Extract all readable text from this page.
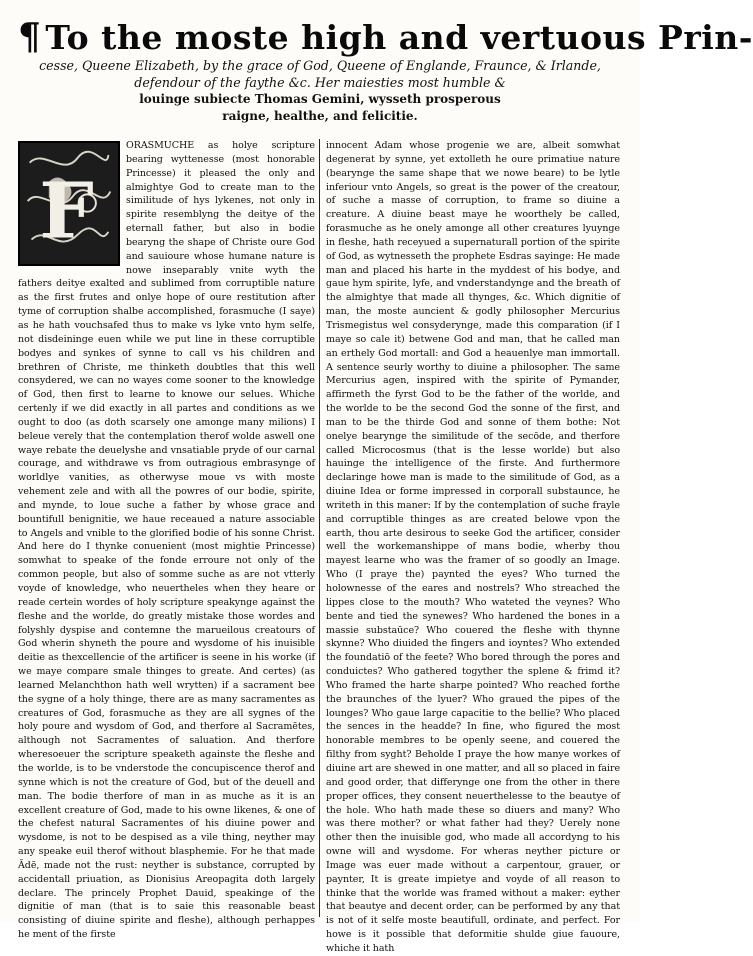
¶ To the moste high and vertuous Prin-
cesse, Queene Elizabeth, by the grace of God, Queene of Englande, Fraunce, & Irlande,
defendour of the faythe &c. Her maiesties most humble &
louinge subiecte Thomas Gemini, wysseth prosperous
raigne, healthe, and felicitie.
F

ORASMUCHE as holye scripture bearing wyttenesse (most honorable Princesse) it pleased the only and almightye God to create man to the similitude of hys lykenes, not only in spirite resemblyng the deitye of the eternall father, but also in bodie bearyng the shape of Christe oure God and sauioure whose humane nature is nowe inseparably vnite wyth the fathers deitye exalted and sublimed from corruptible nature as the first frutes and onlye hope of oure restitution after tyme of corruption shalbe accomplished, forasmuche (I saye) as he hath vouchsafed thus to make vs lyke vnto hym selfe, not disdeininge euen while we put line in these corruptible bodyes and synkes of synne to call vs his children and brethren of Christe, me thinketh doubtles that this well consydered, we can no wayes come sooner to the knowledge of God, then first to learne to knowe our selues. Whiche certenly if we did exactly in all partes and conditions as we ought to doo (as doth scarsely one amonge many milions) I beleue verely that the contemplation therof wolde aswell one waye rebate the deuelyshe and vnsatiable pryde of our carnal courage, and withdrawe vs from outragious embrasynge of worldlye vanities, as otherwyse moue vs with moste vehement zele and with all the powres of our bodie, spirite, and mynde, to loue suche a father by whose grace and bountifull benignitie, we haue receaued a nature associable to Angels and vnible to the glorified bodie of his sonne Christ. And here do I thynke conuenient (most mightie Princesse) somwhat to speake of the fonde erroure not only of the common people, but also of somme suche as are not vtterly voyde of knowledge, who neuertheles when they heare or reade certein wordes of holy scripture speakynge against the fleshe and the worlde, do greatly mistake those wordes and folyshly dyspise and contemne the marueilous creatours of God wherin shyneth the poure and wysdome of his inuisible deitie as thexcellencie of the artificer is seene in his worke (if we maye compare smale thinges to greate. And certes) (as learned Melanchthon hath well wrytten) if a sacrament bee the sygne of a holy thinge, there are as many sacramentes as creatures of God, forasmuche as they are all sygnes of the holy poure and wysdom of God, and therfore al Sacramētes, although not Sacramentes of saluation. And therfore wheresoeuer the scripture speaketh againste the fleshe and the worlde, is to be vnderstode the concupiscence therof and synne which is not the creature of God, but of the deuell and man. The bodie therfore of man in as muche as it is an excellent creature of God, made to his owne likenes, & one of the chefest natural Sacramentes of his diuine power and wysdome, is not to be despised as a vile thing, neyther may any speake euil therof without blasphemie. For he that made Ādē, made not the rust: neyther is substance, corrupted by accidentall priuation, as Dionisius Areopagita doth largely declare. The princely Prophet Dauid, speakinge of the dignitie of man (that is to saie this reasonable beast consisting of diuine spirite and fleshe), although perhappes he ment of the firste

innocent Adam whose progenie we are, albeit somwhat degenerat by synne, yet extolleth he oure primatiue nature (bearynge the same shape that we nowe beare) to be lytle inferiour vnto Angels, so great is the power of the creatour, of suche a masse of corruption, to frame so diuine a creature. A diuine beast maye he woorthely be called, forasmuche as he onely amonge all other creatures lyuynge in fleshe, hath receyued a supernaturall portion of the spirite of God, as wytnesseth the prophete Esdras sayinge: He made man and placed his harte in the myddest of his bodye, and gaue hym spirite, lyfe, and vnderstandynge and the breath of the almightye that made all thynges, &c. Which dignitie of man, the moste auncient & godly philosopher Mercurius Trismegistus wel consyderynge, made this comparation (if I maye so cale it) betwene God and man, that he called man an erthely God mortall: and God a heauenlye man immortall. A sentence seurly worthy to diuine a philosopher. The same Mercurius agen, inspired with the spirite of Pymander, affirmeth the fyrst God to be the father of the worlde, and the worlde to be the second God the sonne of the first, and man to be the thirde God and sonne of them bothe: Not onelye bearynge the similitude of the secōde, and therfore called Microcosmus (that is the lesse worlde) but also hauinge the intelligence of the firste. And furthermore declaringe howe man is made to the similitude of God, as a diuine Idea or forme impressed in corporall substaunce, he writeth in this maner: If by the contemplation of suche frayle and corruptible thinges as are created belowe vpon the earth, thou arte desirous to seeke God the artificer, consider well the workemanshippe of mans bodie, wherby thou mayest learne who was the framer of so goodly an Image. Who (I praye the) paynted the eyes? Who turned the holownesse of the eares and nostrels? Who streached the lippes close to the mouth? Who wateted the veynes? Who bente and tied the synewes? Who hardened the bones in a massie substaūce? Who couered the fleshe with thynne skynne? Who diuided the fingers and ioyntes? Who extended the foundatiō of the feete? Who bored through the pores and conduictes? Who gathered togyther the splene & frimd it? Who framed the harte sharpe pointed? Who reached forthe the braunches of the lyuer? Who graued the pipes of the lounges? Who gaue large capacitie to the bellie? Who placed the sences in the headde? In fine, who figured the most honorable membres to be openly seene, and couered the filthy from syght? Beholde I praye the how manye workes of diuine art are shewed in one matter, and all so placed in faire and good order, that differynge one from the other in there proper offices, they consent neuerthelesse to the beautye of the hole. Who hath made these so diuers and many? Who was there mother? or what father had they? Uerely none other then the inuisible god, who made all accordyng to his owne will and wysdome. For wheras neyther picture or Image was euer made without a carpentour, grauer, or paynter, It is greate impietye and voyde of all reason to thinke that the worlde was framed without a maker: eyther that beautye and decent order, can be performed by any that is not of it selfe moste beautifull, ordinate, and perfect. For howe is it possible that deformitie shulde giue fauoure, whiche it hath
